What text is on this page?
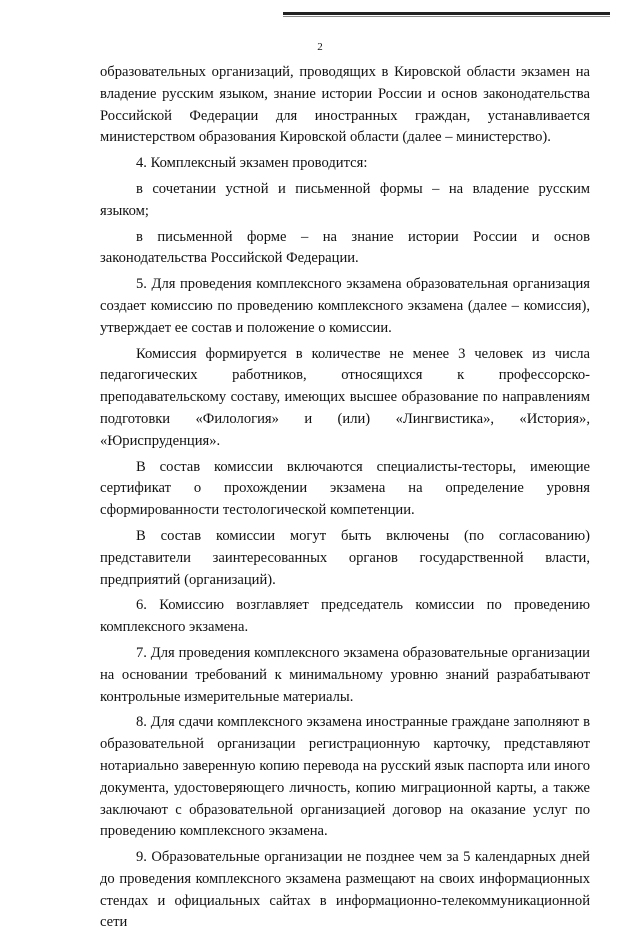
2

образовательных организаций, проводящих в Кировской области экзамен на владение русским языком, знание истории России и основ законодательства Российской Федерации для иностранных граждан, устанавливается министерством образования Кировской области (далее – министерство).

4. Комплексный экзамен проводится:

в сочетании устной и письменной формы – на владение русским языком;

в письменной форме – на знание истории России и основ законодательства Российской Федерации.

5. Для проведения комплексного экзамена образовательная организация создает комиссию по проведению комплексного экзамена (далее – комиссия), утверждает ее состав и положение о комиссии.

Комиссия формируется в количестве не менее 3 человек из числа педагогических работников, относящихся к профессорско-преподавательскому составу, имеющих высшее образование по направлениям подготовки «Филология» и (или) «Лингвистика», «История», «Юриспруденция».

В состав комиссии включаются специалисты-тесторы, имеющие сертификат о прохождении экзамена на определение уровня сформированности тестологической компетенции.

В состав комиссии могут быть включены (по согласованию) представители заинтересованных органов государственной власти, предприятий (организаций).

6. Комиссию возглавляет председатель комиссии по проведению комплексного экзамена.

7. Для проведения комплексного экзамена образовательные организации на основании требований к минимальному уровню знаний разрабатывают контрольные измерительные материалы.

8. Для сдачи комплексного экзамена иностранные граждане заполняют в образовательной организации регистрационную карточку, представляют нотариально заверенную копию перевода на русский язык паспорта или иного документа, удостоверяющего личность, копию миграционной карты, а также заключают с образовательной организацией договор на оказание услуг по проведению комплексного экзамена.

9. Образовательные организации не позднее чем за 5 календарных дней до проведения комплексного экзамена размещают на своих информационных стендах и официальных сайтах в информационно-телекоммуникационной сети
